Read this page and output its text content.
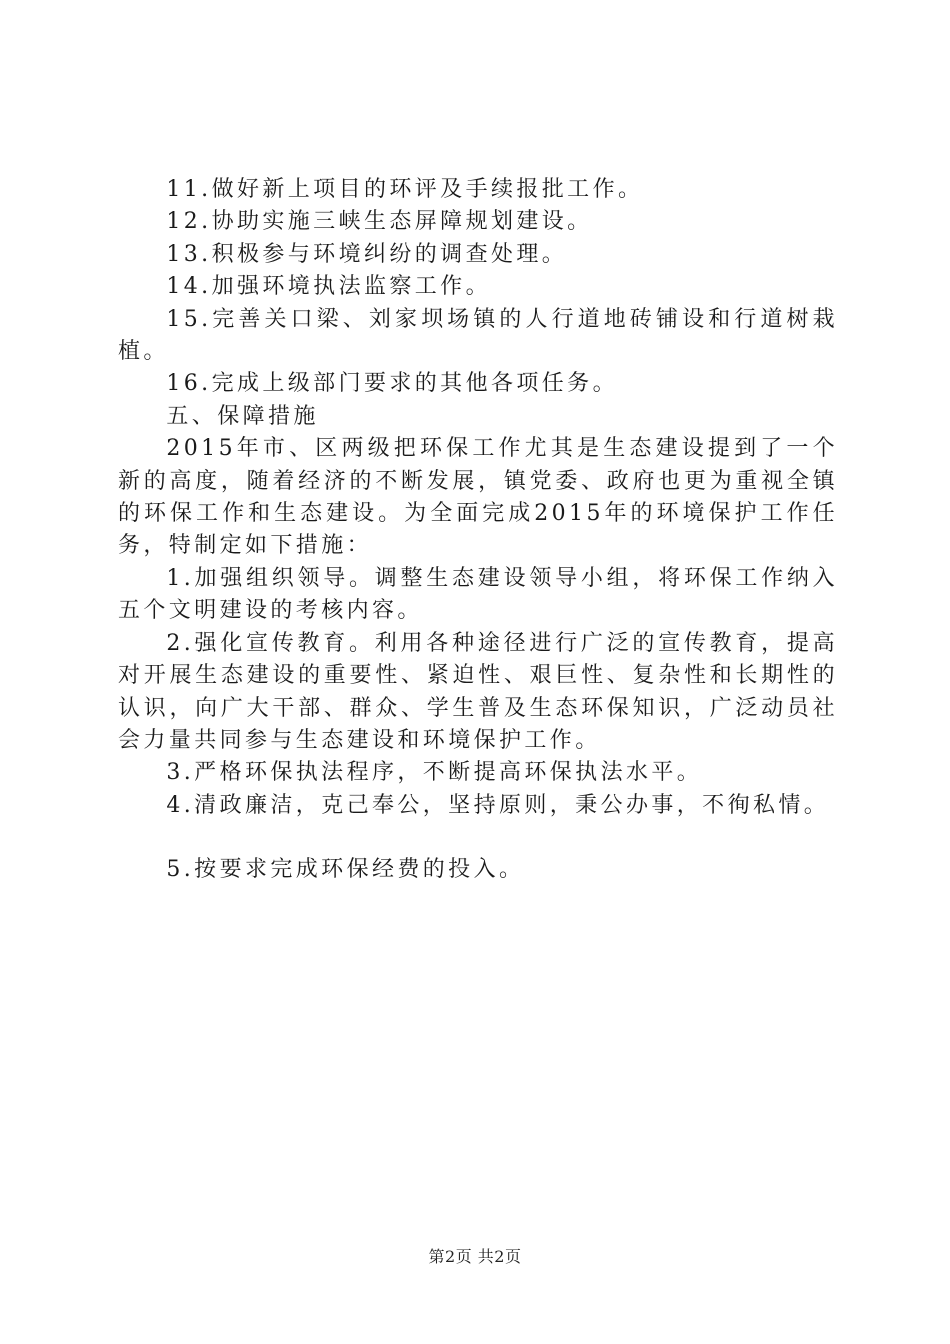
11.做好新上项目的环评及手续报批工作。

12.协助实施三峡生态屏障规划建设。

13.积极参与环境纠纷的调查处理。

14.加强环境执法监察工作。

15.完善关口梁、刘家坝场镇的人行道地砖铺设和行道树栽植。

16.完成上级部门要求的其他各项任务。

五、保障措施

2015年市、区两级把环保工作尤其是生态建设提到了一个新的高度，随着经济的不断发展，镇党委、政府也更为重视全镇的环保工作和生态建设。为全面完成2015年的环境保护工作任务，特制定如下措施：

1.加强组织领导。调整生态建设领导小组，将环保工作纳入五个文明建设的考核内容。

2.强化宣传教育。利用各种途径进行广泛的宣传教育，提高对开展生态建设的重要性、紧迫性、艰巨性、复杂性和长期性的认识，向广大干部、群众、学生普及生态环保知识，广泛动员社会力量共同参与生态建设和环境保护工作。

3.严格环保执法程序，不断提高环保执法水平。

4.清政廉洁，克己奉公，坚持原则，秉公办事，不徇私情。

5.按要求完成环保经费的投入。

第2页 共2页
